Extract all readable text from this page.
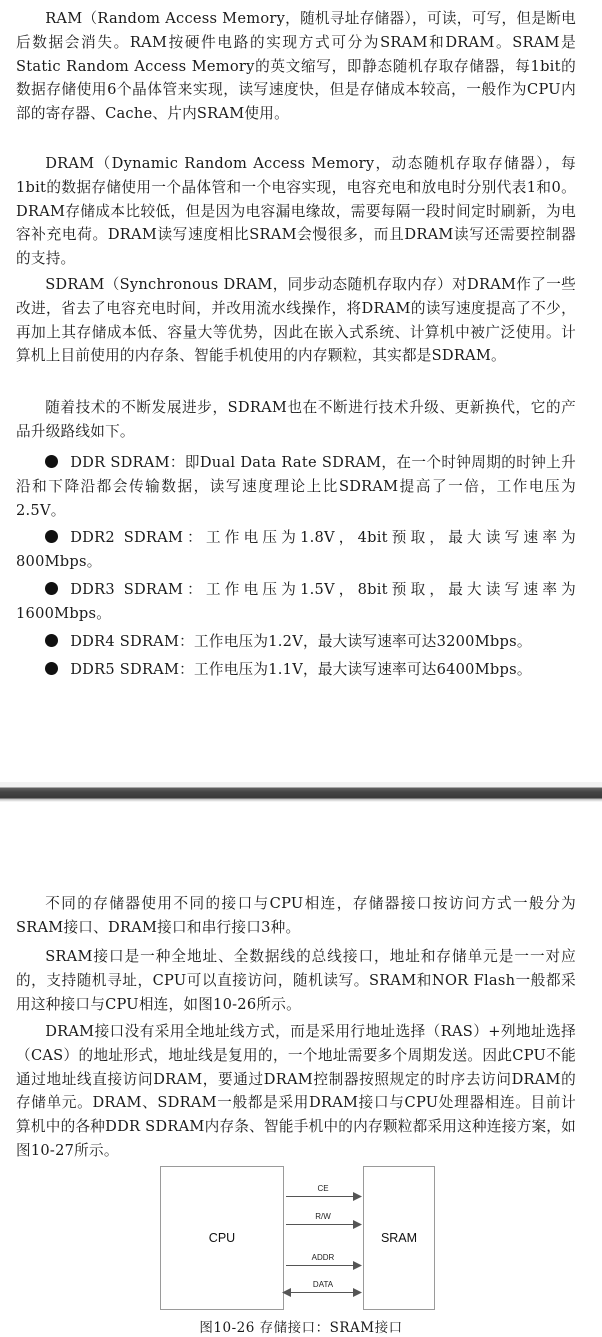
RAM（Random Access Memory，随机寻址存储器），可读，可写，但是断电后数据会消失。RAM按硬件电路的实现方式可分为SRAM和DRAM。SRAM是Static Random Access Memory的英文缩写，即静态随机存取存储器，每1bit的数据存储使用6个晶体管来实现，读写速度快，但是存储成本较高，一般作为CPU内部的寄存器、Cache、片内SRAM使用。

DRAM（Dynamic Random Access Memory，动态随机存取存储器），每1bit的数据存储使用一个晶体管和一个电容实现，电容充电和放电时分别代表1和0。DRAM存储成本比较低，但是因为电容漏电缘故，需要每隔一段时间定时刷新，为电容补充电荷。DRAM读写速度相比SRAM会慢很多，而且DRAM读写还需要控制器的支持。

SDRAM（Synchronous DRAM，同步动态随机存取内存）对DRAM作了一些改进，省去了电容充电时间，并改用流水线操作，将DRAM的读写速度提高了不少，再加上其存储成本低、容量大等优势，因此在嵌入式系统、计算机中被广泛使用。计算机上目前使用的内存条、智能手机使用的内存颗粒，其实都是SDRAM。

随着技术的不断发展进步，SDRAM也在不断进行技术升级、更新换代，它的产品升级路线如下。

DDR SDRAM：即Dual Data Rate SDRAM，在一个时钟周期的时钟上升沿和下降沿都会传输数据，读写速度理论上比SDRAM提高了一倍，工作电压为2.5V。

DDR2 SDRAM：工作电压为1.8V，4bit预取，最大读写速率为800Mbps。

DDR3 SDRAM：工作电压为1.5V，8bit预取，最大读写速率为1600Mbps。

DDR4 SDRAM：工作电压为1.2V，最大读写速率可达3200Mbps。

DDR5 SDRAM：工作电压为1.1V，最大读写速率可达6400Mbps。

不同的存储器使用不同的接口与CPU相连，存储器接口按访问方式一般分为SRAM接口、DRAM接口和串行接口3种。

SRAM接口是一种全地址、全数据线的总线接口，地址和存储单元是一一对应的，支持随机寻址，CPU可以直接访问，随机读写。SRAM和NOR Flash一般都采用这种接口与CPU相连，如图10-26所示。

DRAM接口没有采用全地址线方式，而是采用行地址选择（RAS）+列地址选择（CAS）的地址形式，地址线是复用的，一个地址需要多个周期发送。因此CPU不能通过地址线直接访问DRAM，要通过DRAM控制器按照规定的时序去访问DRAM的存储单元。DRAM、SDRAM一般都是采用DRAM接口与CPU处理器相连。目前计算机中的各种DDR SDRAM内存条、智能手机中的内存颗粒都采用这种连接方案，如图10-27所示。

CPU	SRAM
CE
R/W
ADDR
DATA
图10-26 存储接口：SRAM接口
